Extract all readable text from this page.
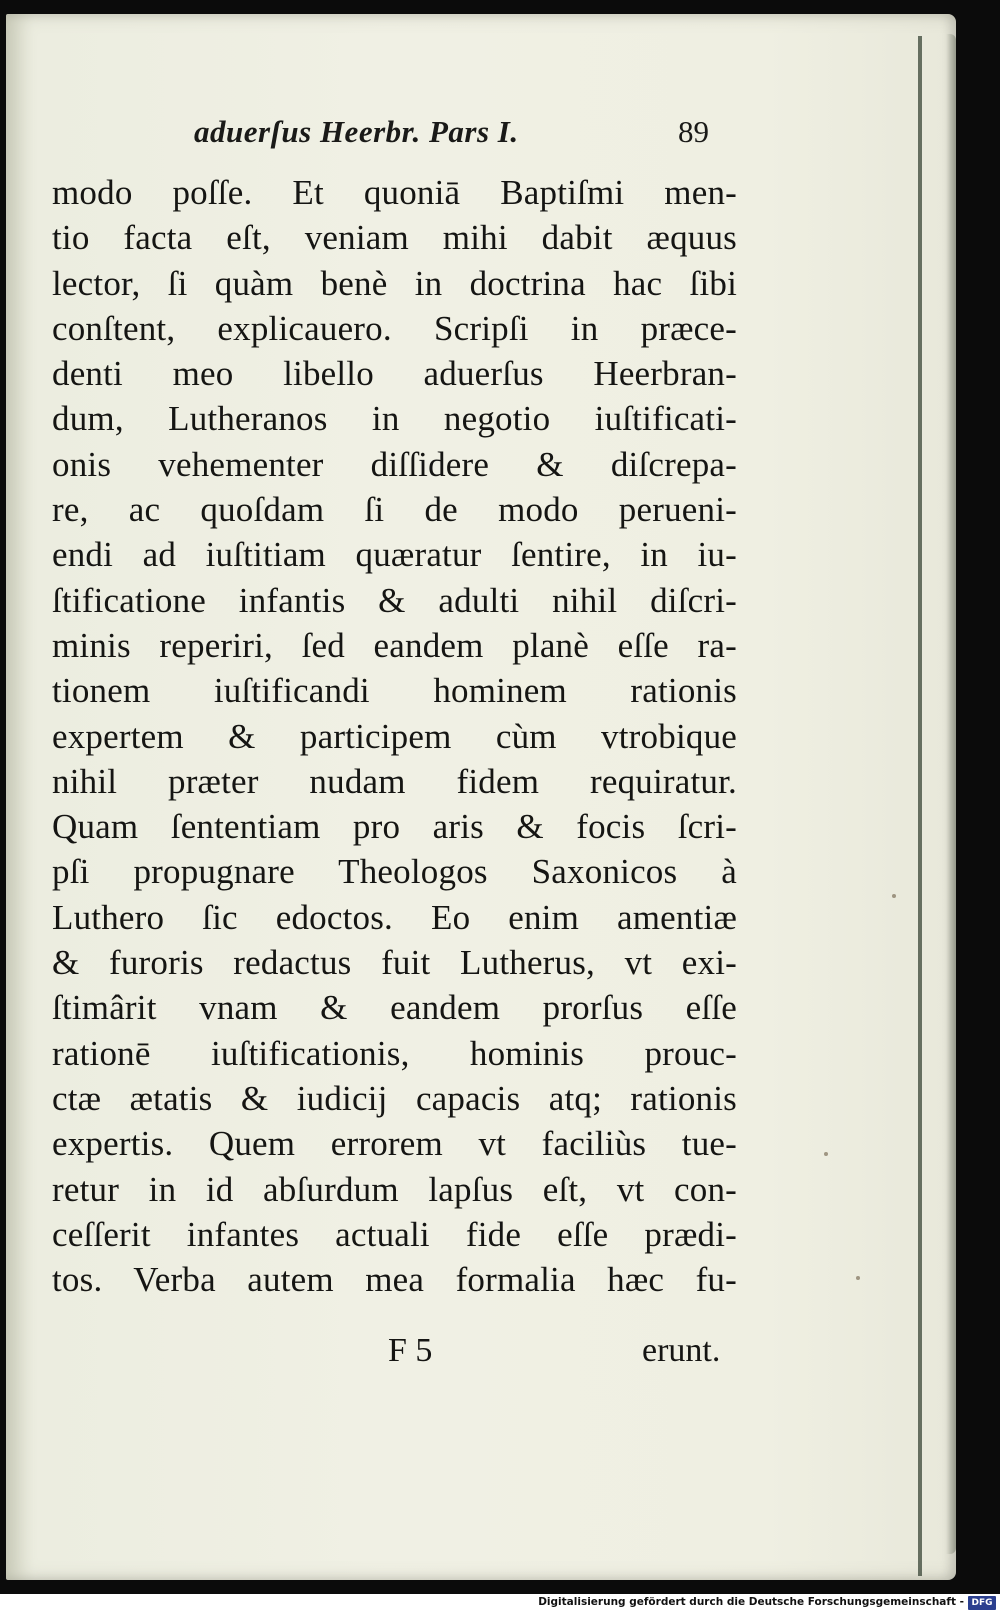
aduerſus Heerbr. Pars I.	89
modo poſſe. Et quoniā Baptiſmi men-
tio facta eſt, veniam mihi dabit æquus
lector, ſi quàm benè in doctrina hac ſibi
conſtent, explicauero. Scripſi in præce-
denti meo libello aduerſus Heerbran-
dum, Lutheranos in negotio iuſtificati-
onis vehementer diſſidere & diſcrepa-
re, ac quoſdam ſi de modo perueni-
endi ad iuſtitiam quæratur ſentire, in iu-
ſtificatione infantis & adulti nihil diſcri-
minis reperiri, ſed eandem planè eſſe ra-
tionem iuſtificandi hominem rationis
expertem & participem cùm vtrobique
nihil præter nudam fidem requiratur.
Quam ſententiam pro aris & focis ſcri-
pſi propugnare Theologos Saxonicos à
Luthero ſic edoctos. Eo enim amentiæ
& furoris redactus fuit Lutherus, vt exi-
ſtimârit vnam & eandem prorſus eſſe
rationē iuſtificationis, hominis prouc-
ctæ ætatis & iudicij capacis atq; rationis
expertis. Quem errorem vt faciliùs tue-
retur in id abſurdum lapſus eſt, vt con-
ceſſerit infantes actuali fide eſſe prædi-
tos. Verba autem mea formalia hæc fu-
F 5	erunt.
Digitalisierung gefördert durch die Deutsche Forschungsgemeinschaft - DFG
